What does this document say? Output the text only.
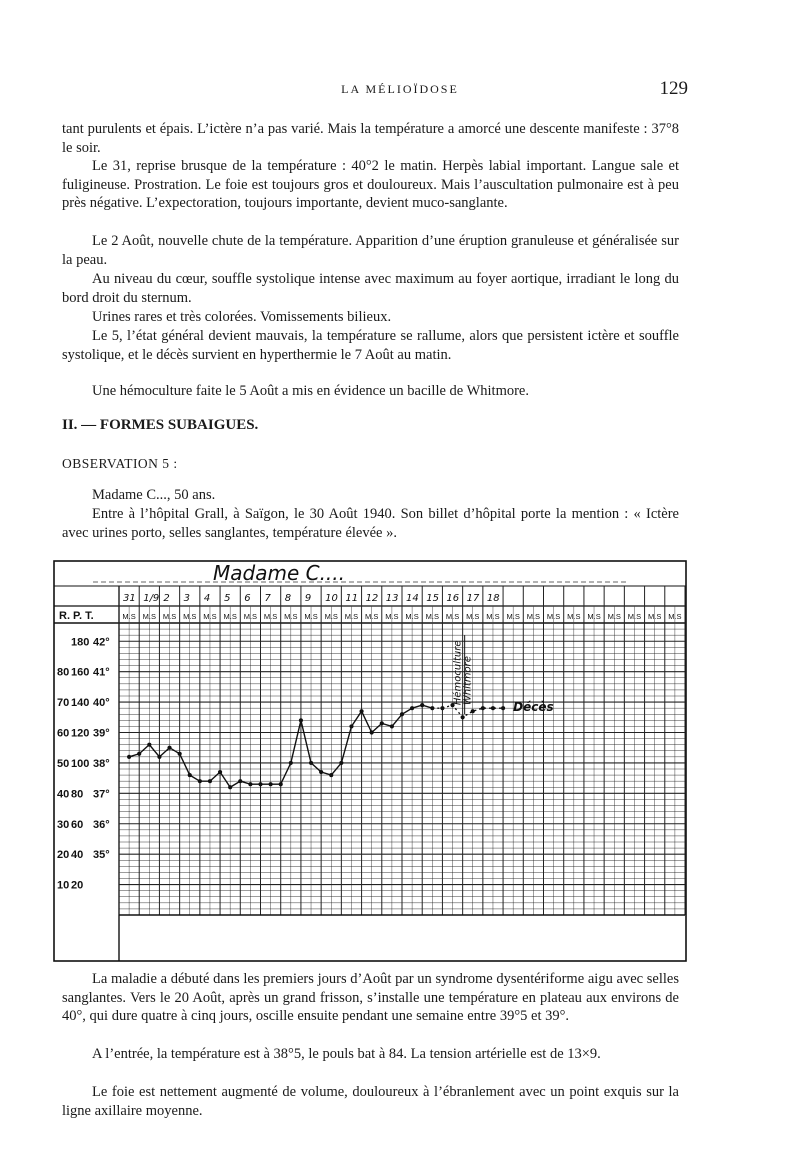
LA MÉLIOÏDOSE	129

tant purulents et épais. L’ictère n’a pas varié. Mais la température a amorcé une descente manifeste : 37°8 le soir.

Le 31, reprise brusque de la température : 40°2 le matin. Herpès labial important. Langue sale et fuligineuse. Prostration. Le foie est toujours gros et douloureux. Mais l’auscultation pulmonaire est à peu près négative. L’expectoration, toujours importante, devient muco-sanglante.

Le 2 Août, nouvelle chute de la température. Apparition d’une éruption granuleuse et généralisée sur la peau.

Au niveau du cœur, souffle systolique intense avec maximum au foyer aortique, irradiant le long du bord droit du sternum.

Urines rares et très colorées. Vomissements bilieux.

Le 5, l’état général devient mauvais, la température se rallume, alors que persistent ictère et souffle systolique, et le décès survient en hyperthermie le 7 Août au matin.

Une hémoculture faite le 5 Août a mis en évidence un bacille de Whitmore.

II. — FORMES SUBAIGUES.

OBSERVATION 5 :

Madame C..., 50 ans.

Entre à l’hôpital Grall, à Saïgon, le 30 Août 1940. Son billet d’hôpital porte la mention : « Ictère avec urines porto, selles sanglantes, température élevée ».

Madame C....
R. P. T.	M.S
31
M.S
1/9
M.S
2
M.S
3
M.S
4
M.S
5
M.S
6
M.S
7
M.S
8
M.S
9
M.S
10
M.S
11
M.S
12
M.S
13
M.S
14
M.S
15
M.S
16
M.S
17
M.S
18
M.S M.S M.S M.S M.S M.S M.S M.S M.S
180 42°
80 160 41°
70 140 40°
60 120 39°
50 100 38°
40 80 37°
30 60 36°
20 40 35°
10 20
Hémoculture Whitmore
Décès

La maladie a débuté dans les premiers jours d’Août par un syndrome dysentériforme aigu avec selles sanglantes. Vers le 20 Août, après un grand frisson, s’installe une température en plateau aux environs de 40°, qui dure quatre à cinq jours, oscille ensuite pendant une semaine entre 39°5 et 39°.

A l’entrée, la température est à 38°5, le pouls bat à 84. La tension artérielle est de 13×9.

Le foie est nettement augmenté de volume, douloureux à l’ébranlement avec un point exquis sur la ligne axillaire moyenne.
